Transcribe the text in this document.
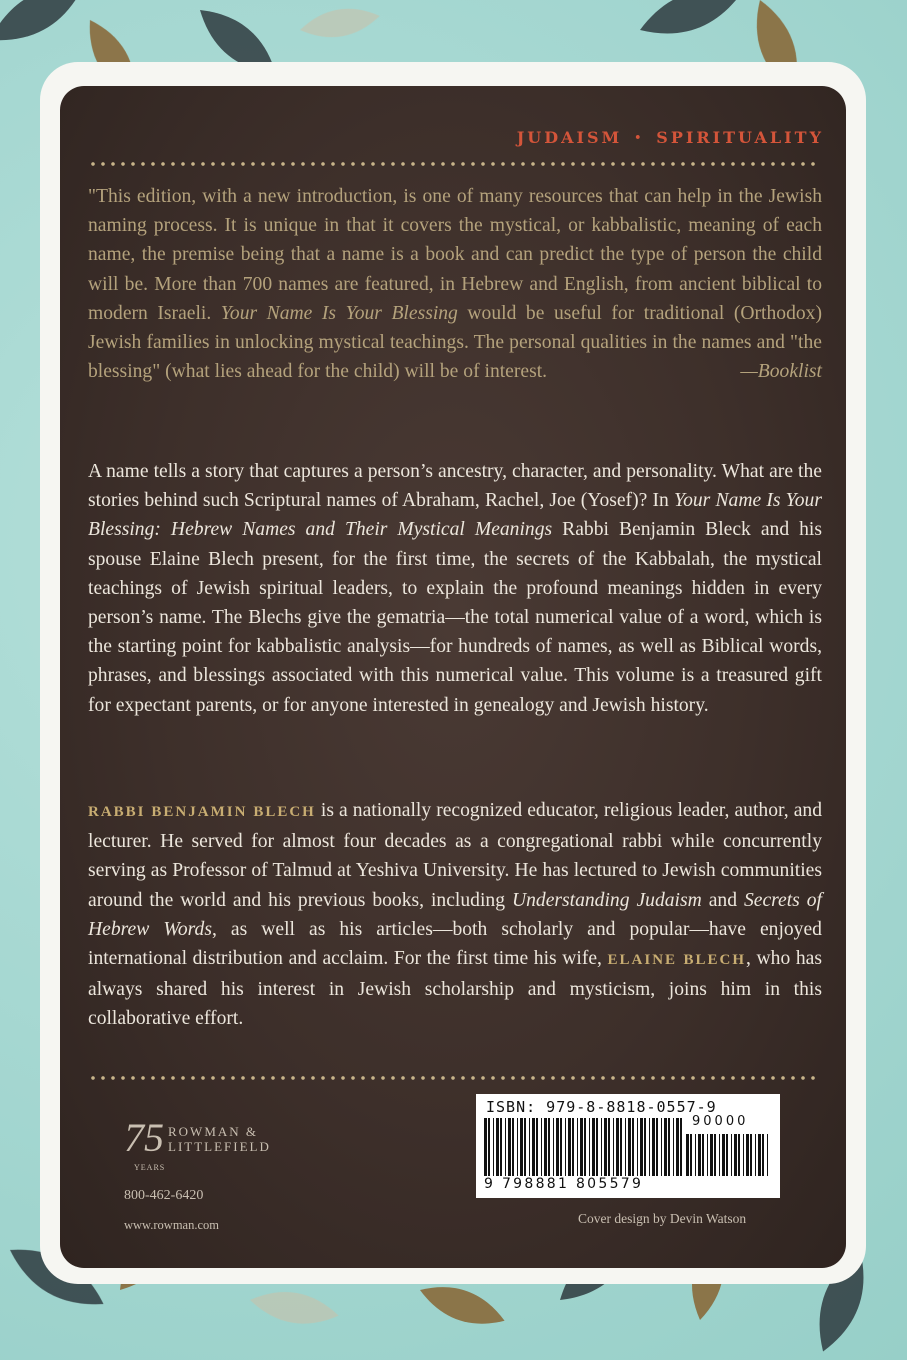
JUDAISM • SPIRITUALITY

"This edition, with a new introduction, is one of many resources that can help in the Jewish naming process. It is unique in that it covers the mystical, or kabbalistic, meaning of each name, the premise being that a name is a book and can predict the type of person the child will be. More than 700 names are featured, in Hebrew and English, from ancient biblical to modern Israeli. Your Name Is Your Blessing would be useful for traditional (Orthodox) Jewish families in unlocking mystical teachings. The personal qualities in the names and "the blessing" (what lies ahead for the child) will be of interest.	—Booklist

A name tells a story that captures a person’s ancestry, character, and personality. What are the stories behind such Scriptural names of Abraham, Rachel, Joe (Yosef)? In Your Name Is Your Blessing: Hebrew Names and Their Mystical Meanings Rabbi Benjamin Bleck and his spouse Elaine Blech present, for the first time, the secrets of the Kabbalah, the mystical teachings of Jewish spiritual leaders, to explain the profound meanings hidden in every person’s name. The Blechs give the gematria—the total numerical value of a word, which is the starting point for kabbalistic analysis—for hundreds of names, as well as Biblical words, phrases, and blessings associated with this numerical value. This volume is a treasured gift for expectant parents, or for anyone interested in genealogy and Jewish history.

RABBI BENJAMIN BLECH is a nationally recognized educator, religious leader, author, and lecturer. He served for almost four decades as a congregational rabbi while concurrently serving as Professor of Talmud at Yeshiva University. He has lectured to Jewish communities around the world and his previous books, including Understanding Judaism and Secrets of Hebrew Words, as well as his articles—both scholarly and popular—have enjoyed international distribution and acclaim. For the first time his wife, ELAINE BLECH, who has always shared his interest in Jewish scholarship and mysticism, joins him in this collaborative effort.

75
YEARS
ROWMAN &
LITTLEFIELD
800-462-6420
www.rowman.com
ISBN: 979-8-8818-0557-9
9 798881 805579
90000
Cover design by Devin Watson
